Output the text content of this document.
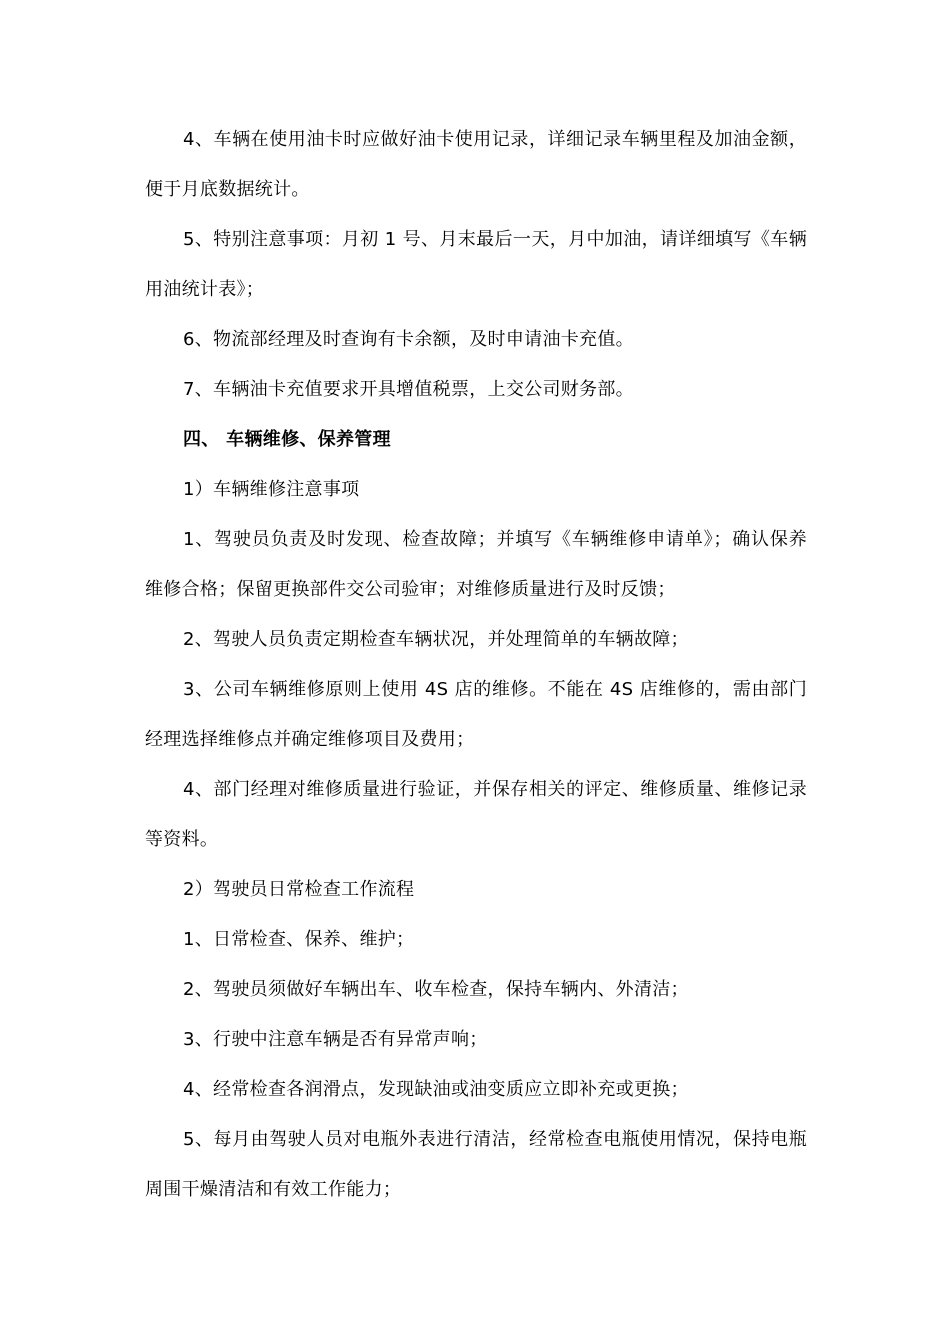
4、车辆在使用油卡时应做好油卡使用记录，详细记录车辆里程及加油金额，便于月底数据统计。

5、特别注意事项：月初 1 号、月末最后一天，月中加油，请详细填写《车辆用油统计表》；

6、物流部经理及时查询有卡余额，及时申请油卡充值。

7、车辆油卡充值要求开具增值税票，上交公司财务部。

四、 车辆维修、保养管理

1）车辆维修注意事项

1、驾驶员负责及时发现、检查故障；并填写《车辆维修申请单》；确认保养维修合格；保留更换部件交公司验审；对维修质量进行及时反馈；

2、驾驶人员负责定期检查车辆状况，并处理简单的车辆故障；

3、公司车辆维修原则上使用 4S 店的维修。不能在 4S 店维修的，需由部门经理选择维修点并确定维修项目及费用；

4、部门经理对维修质量进行验证，并保存相关的评定、维修质量、维修记录等资料。

2）驾驶员日常检查工作流程

1、日常检查、保养、维护；

2、驾驶员须做好车辆出车、收车检查，保持车辆内、外清洁；

3、行驶中注意车辆是否有异常声响；

4、经常检查各润滑点，发现缺油或油变质应立即补充或更换；

5、每月由驾驶人员对电瓶外表进行清洁，经常检查电瓶使用情况，保持电瓶周围干燥清洁和有效工作能力；
